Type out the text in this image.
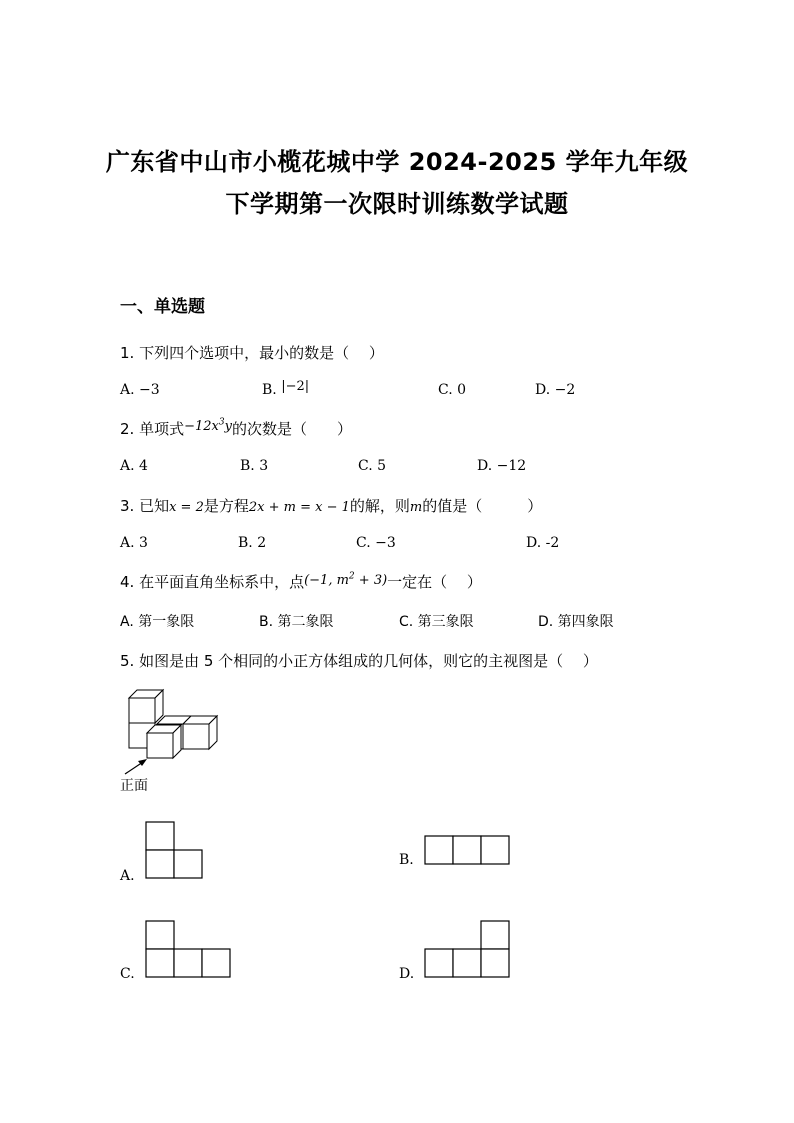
广东省中山市小榄花城中学 2024-2025 学年九年级
下学期第一次限时训练数学试题
一、单选题
1. 下列四个选项中，最小的数是（　 ）
A. −3	B. |−2|	C. 0	D. −2
2. 单项式$-12x^3y$的次数是（　　）
A. 4	B. 3	C. 5	D. −12
3. 已知x = 2是方程2x + m = x − 1的解，则m的值是（　　　）
A. 3	B. 2	C. −3	D. -2
4. 在平面直角坐标系中，点(−1, $m^2 + 3$)一定在（　 ）
A. 第一象限	B. 第二象限	C. 第三象限	D. 第四象限
5. 如图是由 5 个相同的小正方体组成的几何体，则它的主视图是（　 ）
正面
A.
B.
C.	D.
